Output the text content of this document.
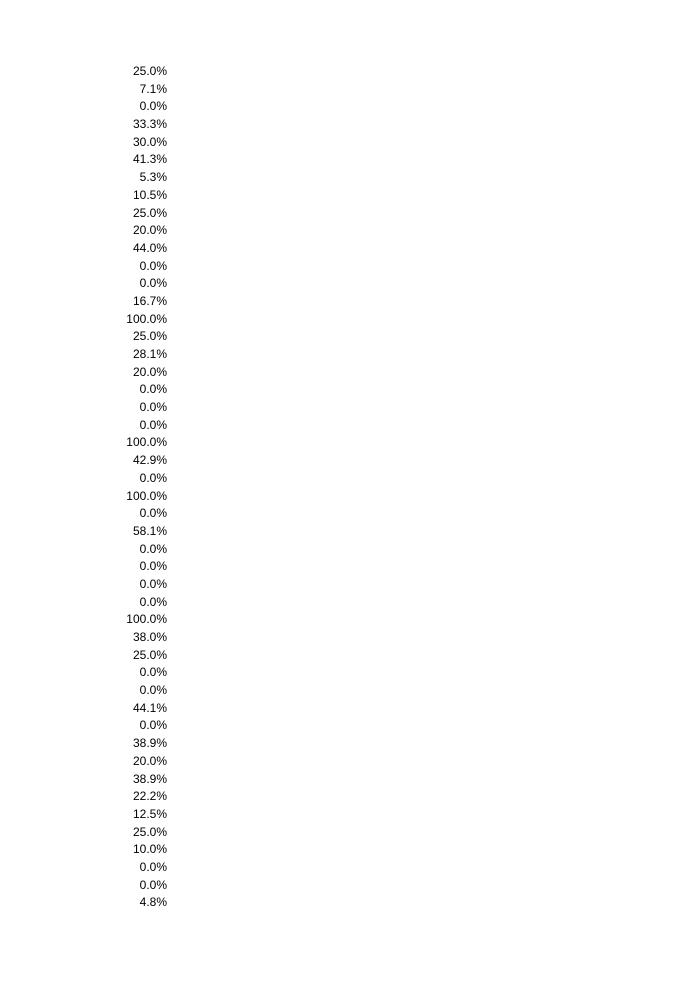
25.0%
7.1%
0.0%
33.3%
30.0%
41.3%
5.3%
10.5%
25.0%
20.0%
44.0%
0.0%
0.0%
16.7%
100.0%
25.0%
28.1%
20.0%
0.0%
0.0%
0.0%
100.0%
42.9%
0.0%
100.0%
0.0%
58.1%
0.0%
0.0%
0.0%
0.0%
100.0%
38.0%
25.0%
0.0%
0.0%
44.1%
0.0%
38.9%
20.0%
38.9%
22.2%
12.5%
25.0%
10.0%
0.0%
0.0%
4.8%
